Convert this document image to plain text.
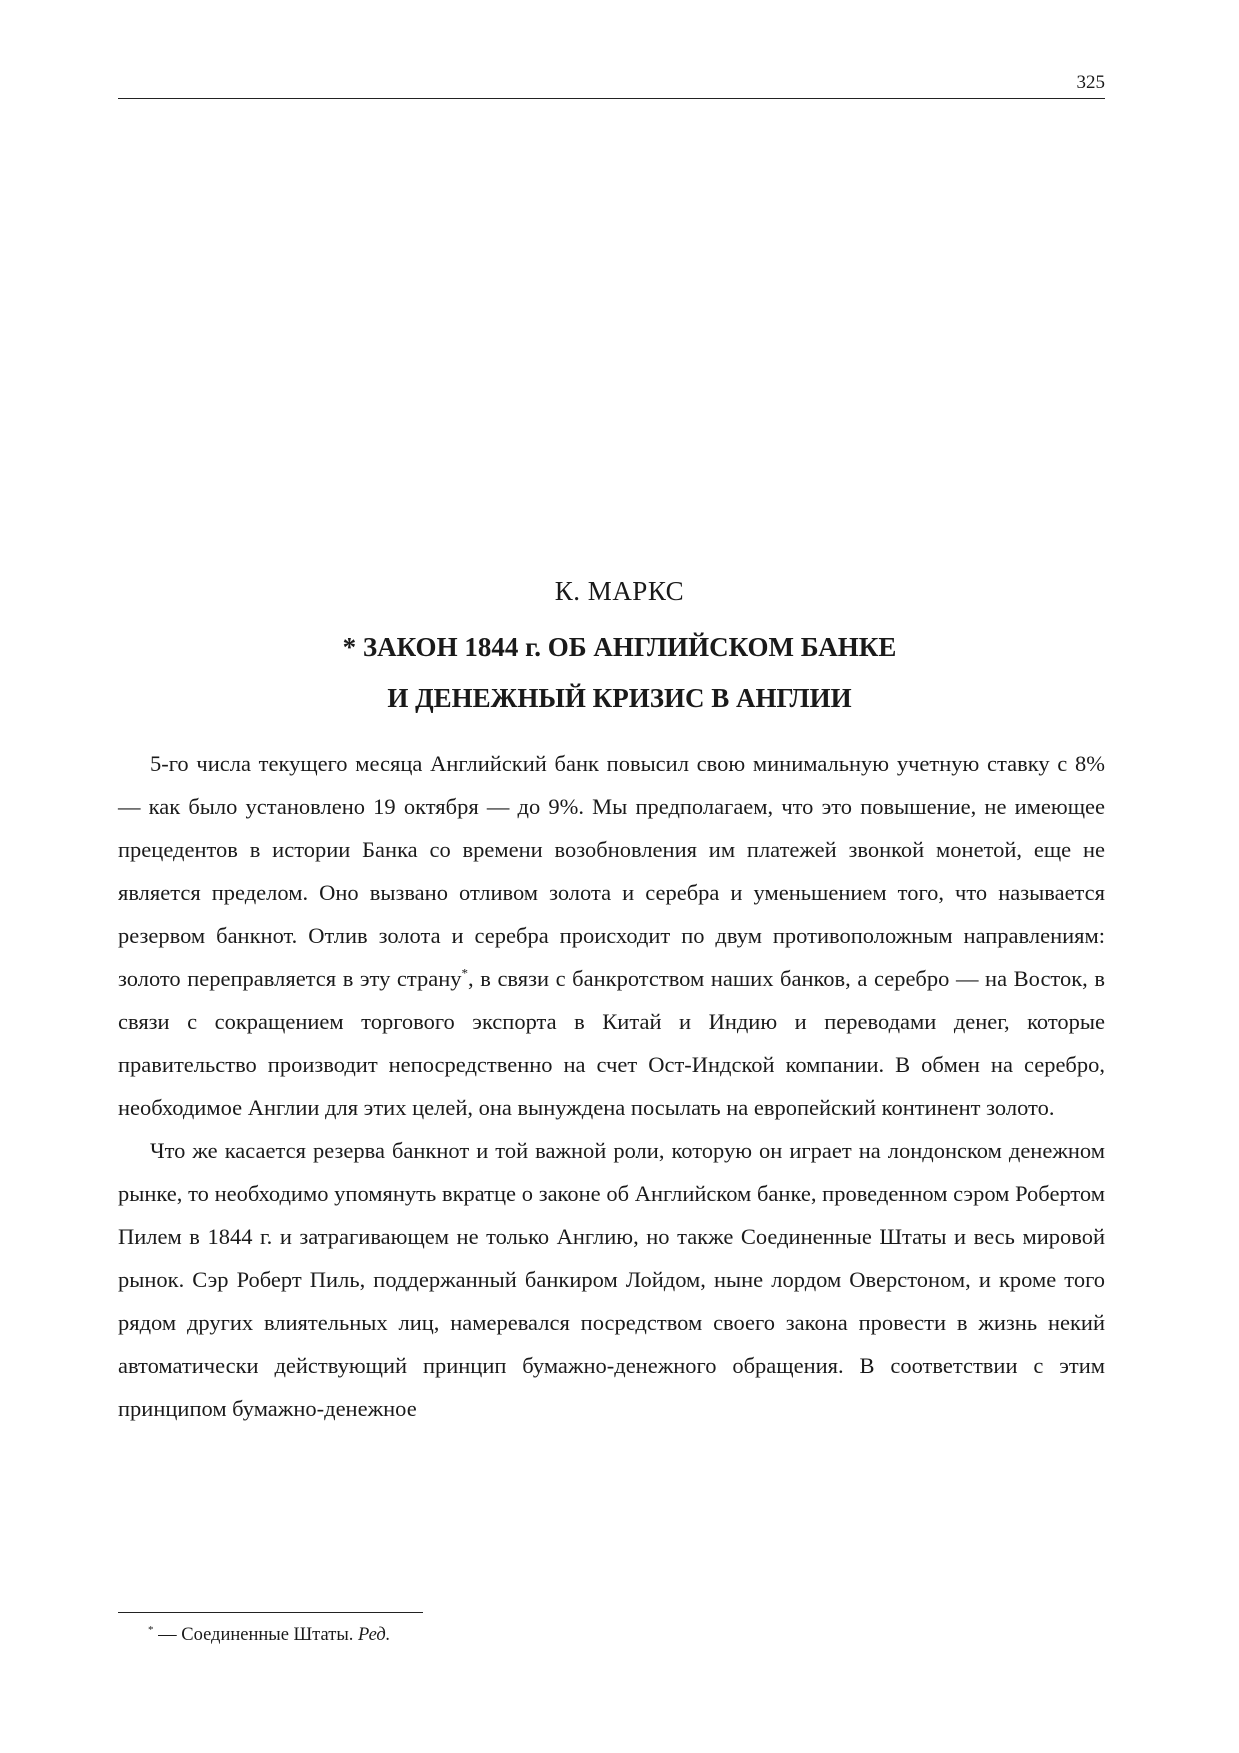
325
К. МАРКС
* ЗАКОН 1844 г. ОБ АНГЛИЙСКОМ БАНКЕ
И ДЕНЕЖНЫЙ КРИЗИС В АНГЛИИ

5-го числа текущего месяца Английский банк повысил свою минимальную учетную ставку с 8% — как было установлено 19 октября — до 9%. Мы предполагаем, что это повышение, не имеющее прецедентов в истории Банка со времени возобновления им платежей звонкой монетой, еще не является пределом. Оно вызвано отливом золота и серебра и уменьшением того, что называется резервом банкнот. Отлив золота и серебра происходит по двум противоположным направлениям: золото переправляется в эту страну*, в связи с банкротством наших банков, а серебро — на Восток, в связи с сокращением торгового экспорта в Китай и Индию и переводами денег, которые правительство производит непосредственно на счет Ост-Индской компании. В обмен на серебро, необходимое Англии для этих целей, она вынуждена посылать на европейский континент золото.

Что же касается резерва банкнот и той важной роли, которую он играет на лондонском денежном рынке, то необходимо упомянуть вкратце о законе об Английском банке, проведенном сэром Робертом Пилем в 1844 г. и затрагивающем не только Англию, но также Соединенные Штаты и весь мировой рынок. Сэр Роберт Пиль, поддержанный банкиром Лойдом, ныне лордом Оверстоном, и кроме того рядом других влиятельных лиц, намеревался посредством своего закона провести в жизнь некий автоматически действующий принцип бумажно-денежного обращения. В соответствии с этим принципом бумажно-денежное

* — Соединенные Штаты. Ред.
